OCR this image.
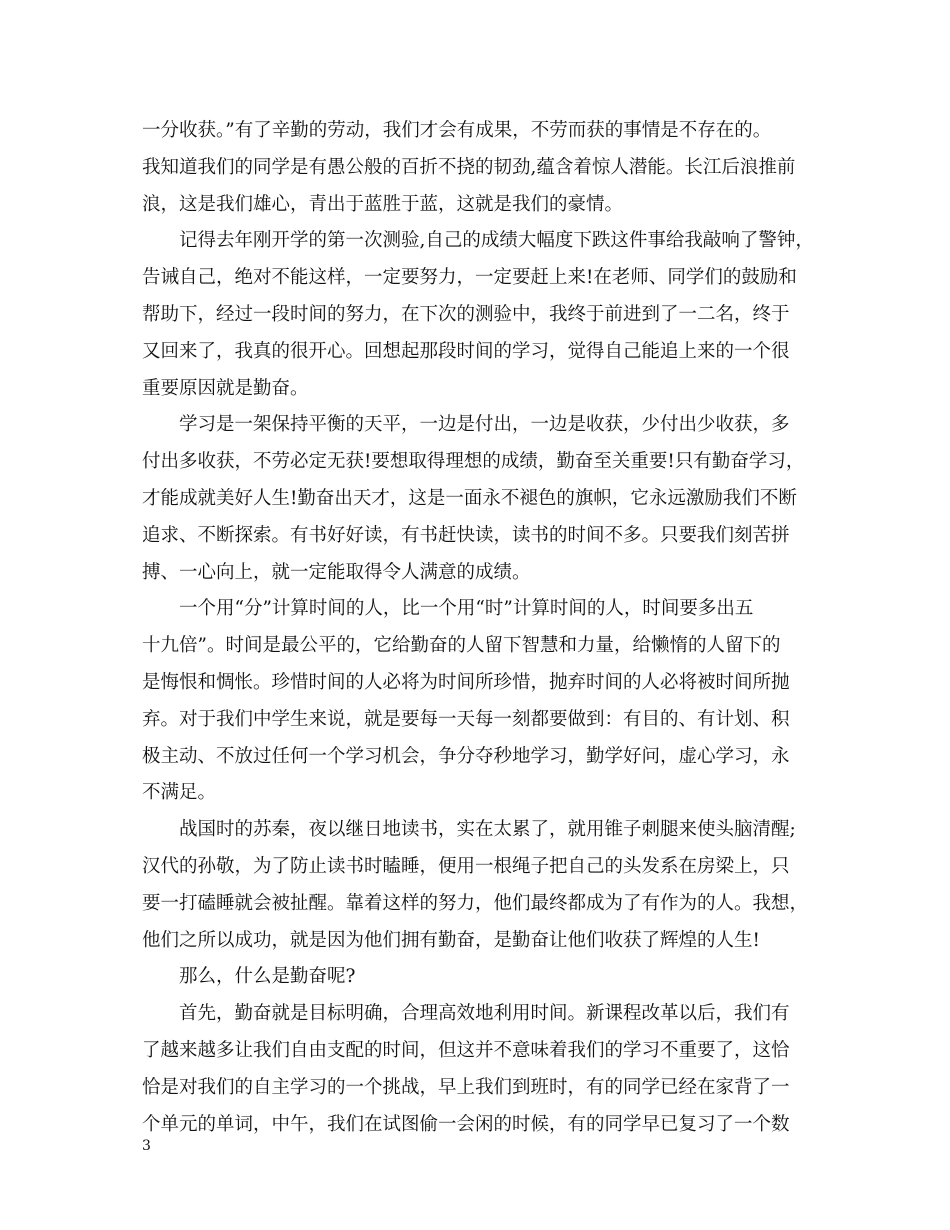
一分收获。”有了辛勤的劳动，我们才会有成果，不劳而获的事情是不存在的。
我知道我们的同学是有愚公般的百折不挠的韧劲,蕴含着惊人潜能。长江后浪推前
浪，这是我们雄心，青出于蓝胜于蓝，这就是我们的豪情。
记得去年刚开学的第一次测验,自己的成绩大幅度下跌这件事给我敲响了警钟，
告诫自己，绝对不能这样，一定要努力，一定要赶上来!在老师、同学们的鼓励和
帮助下，经过一段时间的努力，在下次的测验中，我终于前进到了一二名，终于
又回来了，我真的很开心。回想起那段时间的学习，觉得自己能追上来的一个很
重要原因就是勤奋。
学习是一架保持平衡的天平，一边是付出，一边是收获，少付出少收获，多
付出多收获，不劳必定无获!要想取得理想的成绩，勤奋至关重要!只有勤奋学习，
才能成就美好人生!勤奋出天才，这是一面永不褪色的旗帜，它永远激励我们不断
追求、不断探索。有书好好读，有书赶快读，读书的时间不多。只要我们刻苦拼
搏、一心向上，就一定能取得令人满意的成绩。
一个用“分”计算时间的人，比一个用“时”计算时间的人，时间要多出五
十九倍”。时间是最公平的，它给勤奋的人留下智慧和力量，给懒惰的人留下的
是悔恨和惆怅。珍惜时间的人必将为时间所珍惜，抛弃时间的人必将被时间所抛
弃。对于我们中学生来说，就是要每一天每一刻都要做到：有目的、有计划、积
极主动、不放过任何一个学习机会，争分夺秒地学习，勤学好问，虚心学习，永
不满足。
战国时的苏秦，夜以继日地读书，实在太累了，就用锥子刺腿来使头脑清醒;
汉代的孙敬，为了防止读书时瞌睡，便用一根绳子把自己的头发系在房梁上，只
要一打磕睡就会被扯醒。靠着这样的努力，他们最终都成为了有作为的人。我想，
他们之所以成功，就是因为他们拥有勤奋，是勤奋让他们收获了辉煌的人生!
那么，什么是勤奋呢?
首先，勤奋就是目标明确，合理高效地利用时间。新课程改革以后，我们有
了越来越多让我们自由支配的时间，但这并不意味着我们的学习不重要了，这恰
恰是对我们的自主学习的一个挑战，早上我们到班时，有的同学已经在家背了一
个单元的单词，中午，我们在试图偷一会闲的时候，有的同学早已复习了一个数
3
